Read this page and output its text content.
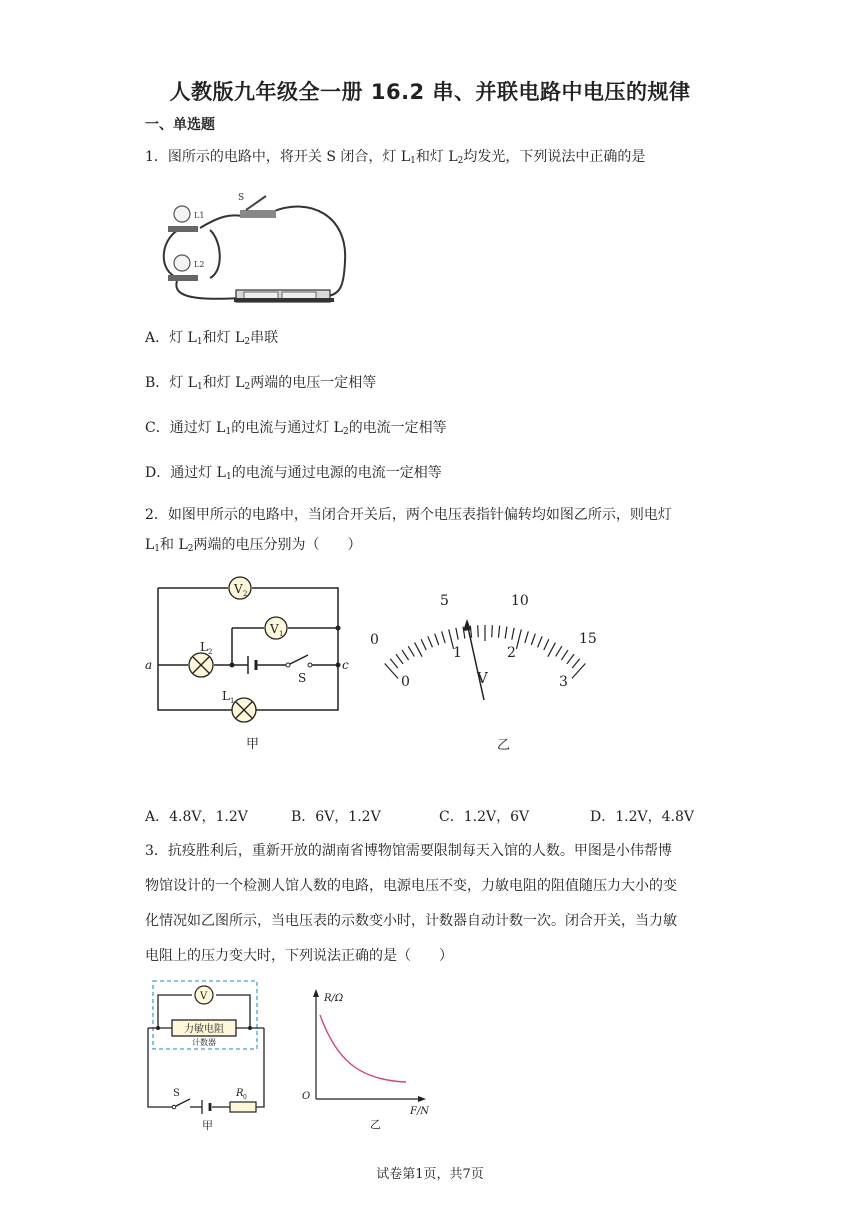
人教版九年级全一册 16.2 串、并联电路中电压的规律
一、单选题
1．图所示的电路中，将开关 S 闭合，灯 $L_1$和灯 $L_2$均发光，下列说法中正确的是
L1
L2
S
A．灯 $L_1$和灯 $L_2$串联
B．灯 $L_1$和灯 $L_2$两端的电压一定相等
C．通过灯 $L_1$的电流与通过灯 $L_2$的电流一定相等
D．通过灯 $L_1$的电流与通过电源的电流一定相等
2．如图甲所示的电路中，当闭合开关后，两个电压表指针偏转均如图乙所示，则电灯
$L_1$和 $L_2$两端的电压分别为（　　）
V 2
V 1
L 2
L 1
a	c
S
甲
0
5	10
15
0
1	2
3
V
乙
A．4.8V，1.2V	B．6V，1.2V	C．1.2V，6V	D．1.2V，4.8V
3．抗疫胜利后，重新开放的湖南省博物馆需要限制每天入馆的人数。甲图是小伟帮博
物馆设计的一个检测人馆人数的电路，电源电压不变，力敏电阻的阻值随压力大小的变
化情况如乙图所示，当电压表的示数变小时，计数器自动计数一次。闭合开关，当力敏
电阻上的压力变大时，下列说法正确的是（　　）
V
力敏电阻
计数器
S	R 0
甲
R/Ω
O
F/N
乙
试卷第1页，共7页
